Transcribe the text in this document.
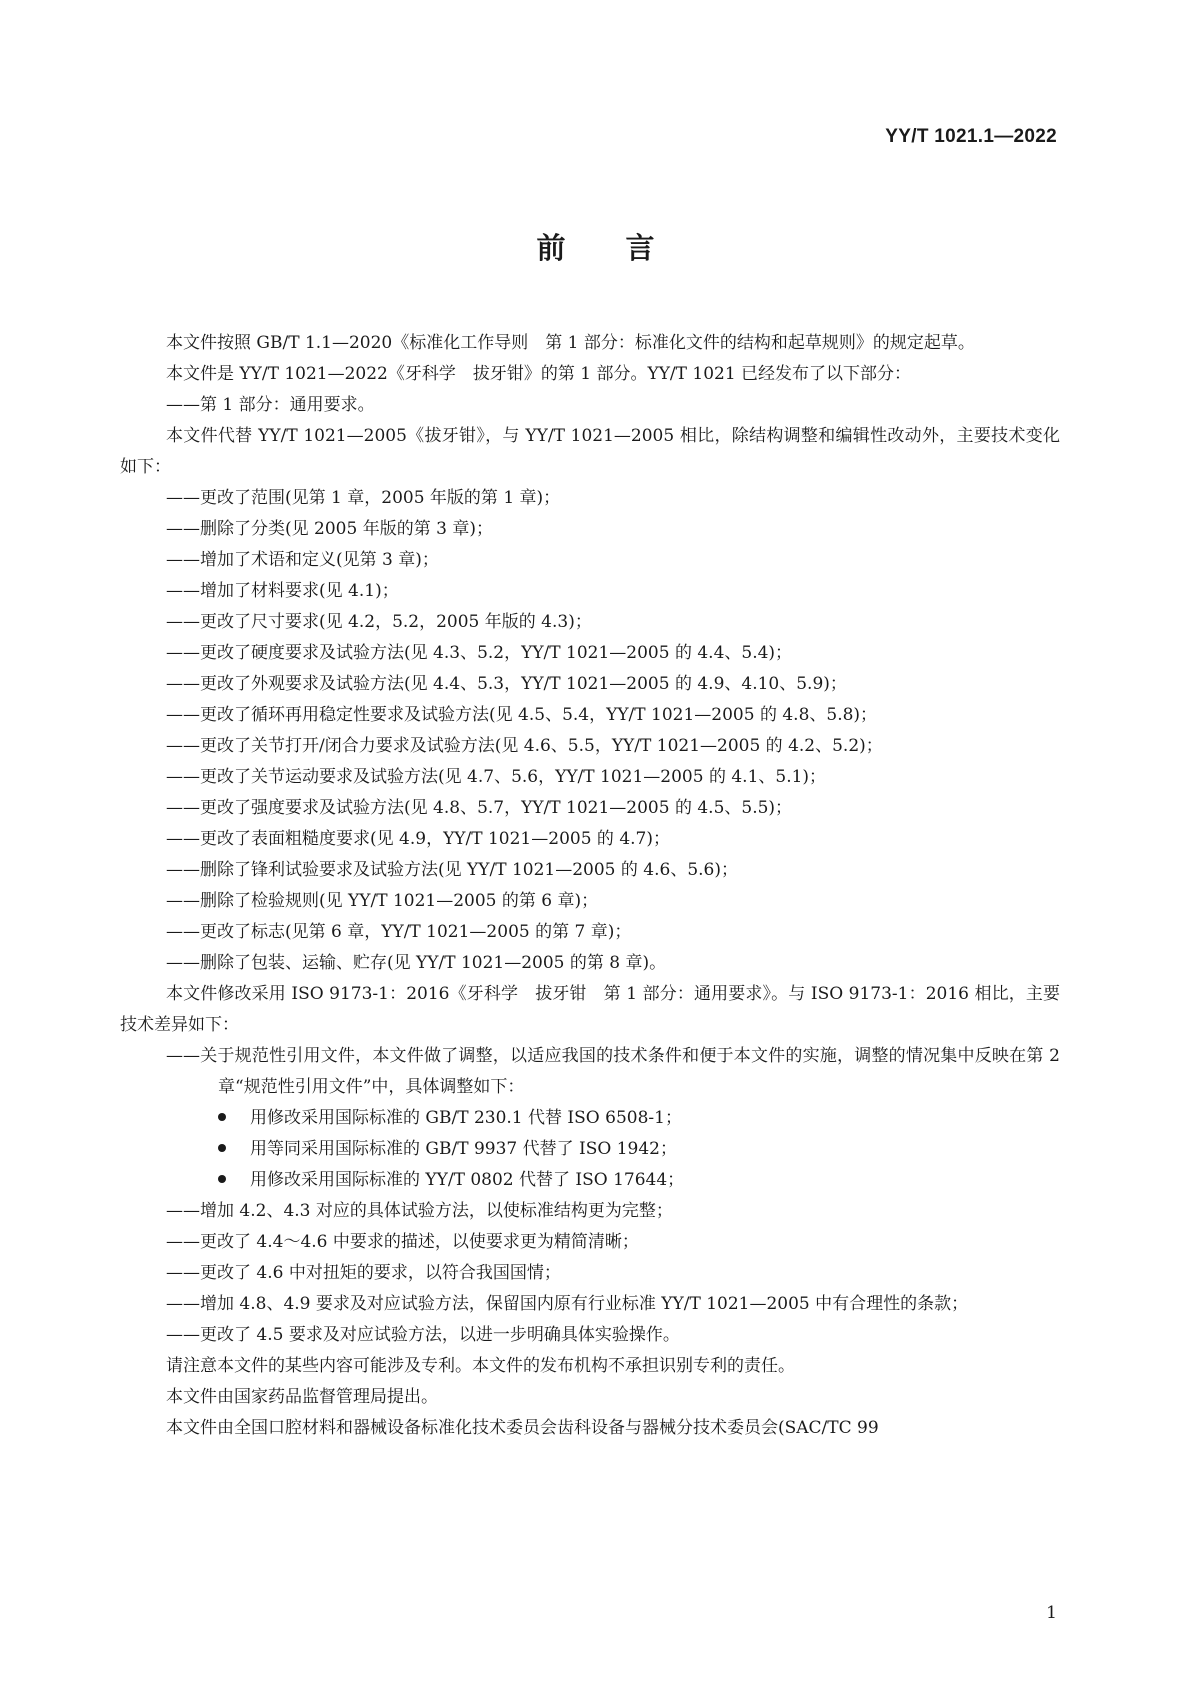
YY/T 1021.1—2022
前言

本文件按照 GB/T 1.1—2020《标准化工作导则　第 1 部分：标准化文件的结构和起草规则》的规定起草。

本文件是 YY/T 1021—2022《牙科学　拔牙钳》的第 1 部分。YY/T 1021 已经发布了以下部分：

——第 1 部分：通用要求。

本文件代替 YY/T 1021—2005《拔牙钳》，与 YY/T 1021—2005 相比，除结构调整和编辑性改动外，主要技术变化如下：

——更改了范围(见第 1 章，2005 年版的第 1 章)；

——删除了分类(见 2005 年版的第 3 章)；

——增加了术语和定义(见第 3 章)；

——增加了材料要求(见 4.1)；

——更改了尺寸要求(见 4.2，5.2，2005 年版的 4.3)；

——更改了硬度要求及试验方法(见 4.3、5.2，YY/T 1021—2005 的 4.4、5.4)；

——更改了外观要求及试验方法(见 4.4、5.3，YY/T 1021—2005 的 4.9、4.10、5.9)；

——更改了循环再用稳定性要求及试验方法(见 4.5、5.4，YY/T 1021—2005 的 4.8、5.8)；

——更改了关节打开/闭合力要求及试验方法(见 4.6、5.5，YY/T 1021—2005 的 4.2、5.2)；

——更改了关节运动要求及试验方法(见 4.7、5.6，YY/T 1021—2005 的 4.1、5.1)；

——更改了强度要求及试验方法(见 4.8、5.7，YY/T 1021—2005 的 4.5、5.5)；

——更改了表面粗糙度要求(见 4.9，YY/T 1021—2005 的 4.7)；

——删除了锋利试验要求及试验方法(见 YY/T 1021—2005 的 4.6、5.6)；

——删除了检验规则(见 YY/T 1021—2005 的第 6 章)；

——更改了标志(见第 6 章，YY/T 1021—2005 的第 7 章)；

——删除了包装、运输、贮存(见 YY/T 1021—2005 的第 8 章)。

本文件修改采用 ISO 9173-1：2016《牙科学　拔牙钳　第 1 部分：通用要求》。与 ISO 9173-1：2016 相比，主要技术差异如下：

——关于规范性引用文件，本文件做了调整，以适应我国的技术条件和便于本文件的实施，调整的情况集中反映在第 2 章“规范性引用文件”中，具体调整如下：

用修改采用国际标准的 GB/T 230.1 代替 ISO 6508-1；

用等同采用国际标准的 GB/T 9937 代替了 ISO 1942；

用修改采用国际标准的 YY/T 0802 代替了 ISO 17644；

——增加 4.2、4.3 对应的具体试验方法，以使标准结构更为完整；

——更改了 4.4～4.6 中要求的描述，以使要求更为精简清晰；

——更改了 4.6 中对扭矩的要求，以符合我国国情；

——增加 4.8、4.9 要求及对应试验方法，保留国内原有行业标准 YY/T 1021—2005 中有合理性的条款；

——更改了 4.5 要求及对应试验方法，以进一步明确具体实验操作。

请注意本文件的某些内容可能涉及专利。本文件的发布机构不承担识别专利的责任。

本文件由国家药品监督管理局提出。

本文件由全国口腔材料和器械设备标准化技术委员会齿科设备与器械分技术委员会(SAC/TC 99

1
